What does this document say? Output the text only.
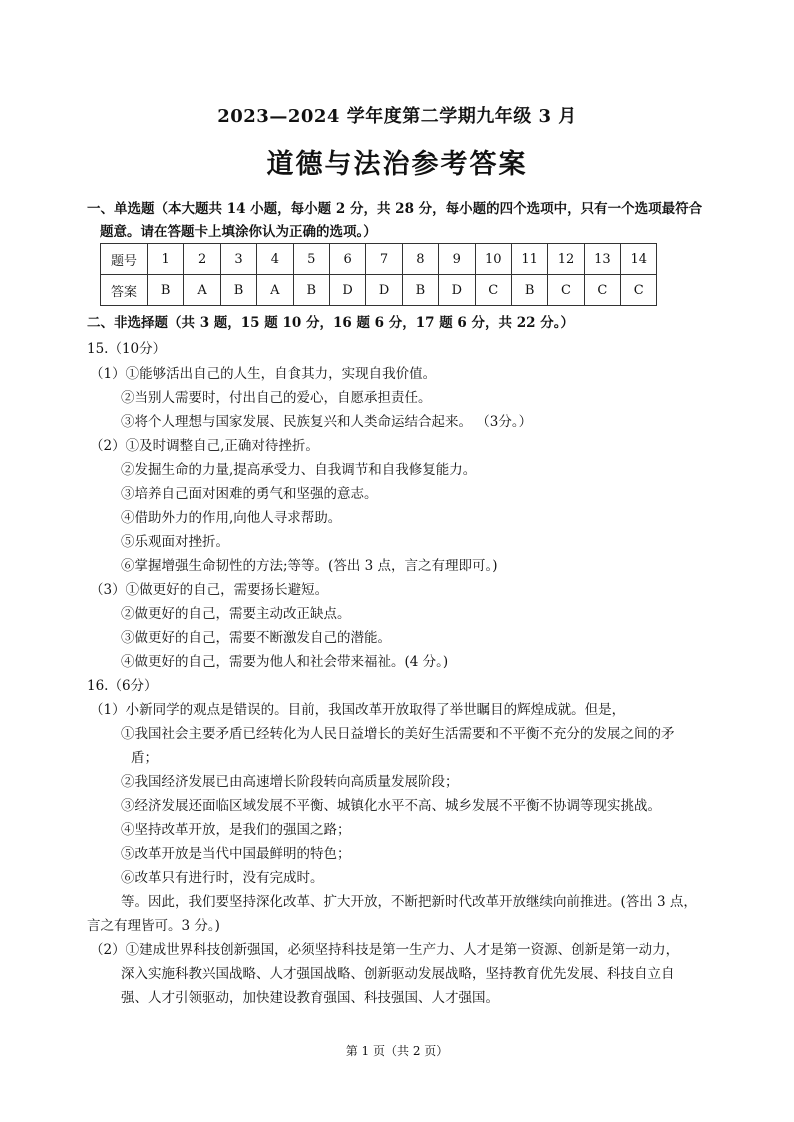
2023—2024 学年度第二学期九年级 3 月
道德与法治参考答案
一、单选题（本大题共 14 小题，每小题 2 分，共 28 分，每小题的四个选项中，只有一个选项最符合
题意。请在答题卡上填涂你认为正确的选项。）
题号	1	2	3	4	5	6	7	8	9	10	11	12	13	14
答案	B	A	B	A	B	D	D	B	D	C	B	C	C	C
二、非选择题（共 3 题，15 题 10 分，16 题 6 分，17 题 6 分，共 22 分。）
15.（10分）
（1）①能够活出自己的人生，自食其力，实现自我价值。
②当别人需要时，付出自己的爱心，自愿承担责任。
③将个人理想与国家发展、民族复兴和人类命运结合起来。 （3分。）
（2）①及时调整自己,正确对待挫折。
②发掘生命的力量,提高承受力、自我调节和自我修复能力。
③培养自己面对困难的勇气和坚强的意志。
④借助外力的作用,向他人寻求帮助。
⑤乐观面对挫折。
⑥掌握增强生命韧性的方法;等等。(答出 3 点，言之有理即可。)
（3）①做更好的自己，需要扬长避短。
②做更好的自己，需要主动改正缺点。
③做更好的自己，需要不断激发自己的潜能。
④做更好的自己，需要为他人和社会带来福祉。(4 分。)
16.（6分）
（1）小新同学的观点是错误的。目前，我国改革开放取得了举世瞩目的辉煌成就。但是，
①我国社会主要矛盾已经转化为人民日益增长的美好生活需要和不平衡不充分的发展之间的矛
盾；
②我国经济发展已由高速增长阶段转向高质量发展阶段；
③经济发展还面临区域发展不平衡、城镇化水平不高、城乡发展不平衡不协调等现实挑战。
④坚持改革开放，是我们的强国之路；
⑤改革开放是当代中国最鲜明的特色；
⑥改革只有进行时，没有完成时。
等。因此，我们要坚持深化改革、扩大开放，不断把新时代改革开放继续向前推进。(答出 3 点，
言之有理皆可。3 分。)
（2）①建成世界科技创新强国，必须坚持科技是第一生产力、人才是第一资源、创新是第一动力，
深入实施科教兴国战略、人才强国战略、创新驱动发展战略，坚持教育优先发展、科技自立自
强、人才引领驱动，加快建设教育强国、科技强国、人才强国。
第 1 页（共 2 页）
